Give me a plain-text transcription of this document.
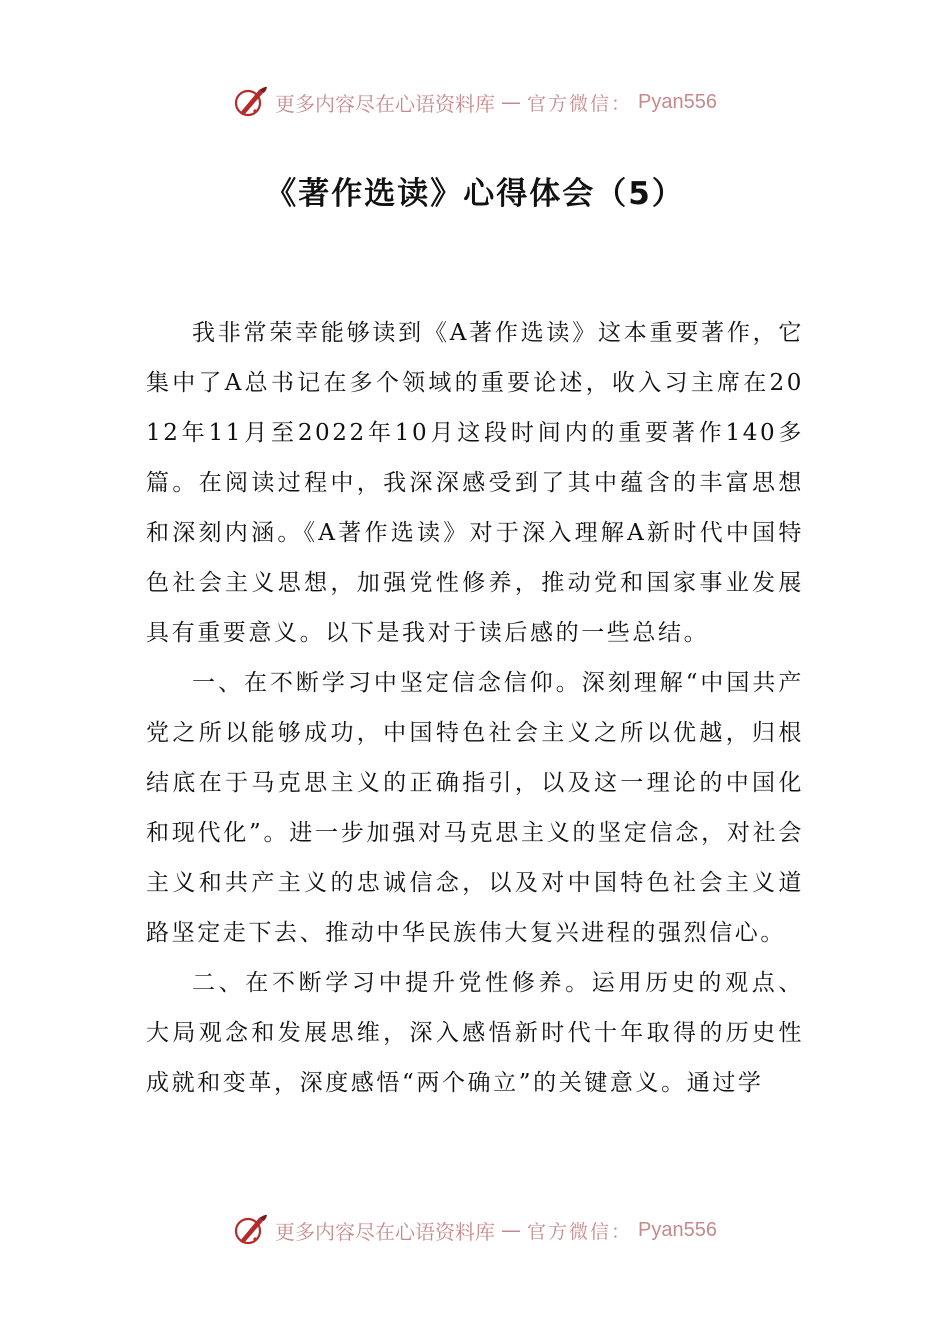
更多内容尽在心语资料库 — 官方微信： Pyan556
《著作选读》心得体会（5）

我非常荣幸能够读到《A著作选读》这本重要著作，它集中了A总书记在多个领域的重要论述，收入习主席在2012年11月至2022年10月这段时间内的重要著作140多篇。在阅读过程中，我深深感受到了其中蕴含的丰富思想和深刻内涵。《A著作选读》对于深入理解A新时代中国特色社会主义思想，加强党性修养，推动党和国家事业发展具有重要意义。以下是我对于读后感的一些总结。

一、在不断学习中坚定信念信仰。深刻理解“中国共产党之所以能够成功，中国特色社会主义之所以优越，归根结底在于马克思主义的正确指引，以及这一理论的中国化和现代化”。进一步加强对马克思主义的坚定信念，对社会主义和共产主义的忠诚信念，以及对中国特色社会主义道路坚定走下去、推动中华民族伟大复兴进程的强烈信心。

二、在不断学习中提升党性修养。运用历史的观点、大局观念和发展思维，深入感悟新时代十年取得的历史性成就和变革，深度感悟“两个确立”的关键意义。通过学

更多内容尽在心语资料库 — 官方微信： Pyan556
